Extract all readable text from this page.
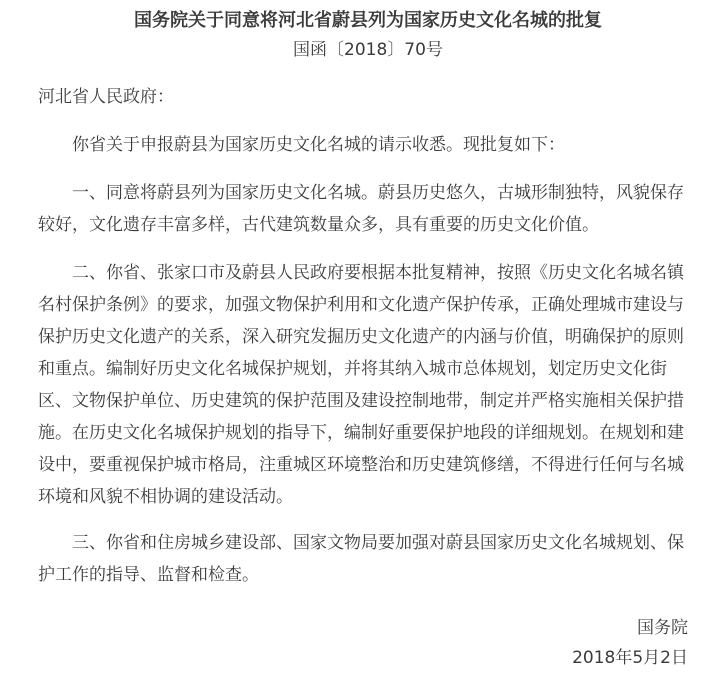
国务院关于同意将河北省蔚县列为国家历史文化名城的批复
国函〔2018〕70号
河北省人民政府：

你省关于申报蔚县为国家历史文化名城的请示收悉。现批复如下：

一、同意将蔚县列为国家历史文化名城。蔚县历史悠久，古城形制独特，风貌保存较好，文化遗存丰富多样，古代建筑数量众多，具有重要的历史文化价值。

二、你省、张家口市及蔚县人民政府要根据本批复精神，按照《历史文化名城名镇名村保护条例》的要求，加强文物保护利用和文化遗产保护传承，正确处理城市建设与保护历史文化遗产的关系，深入研究发掘历史文化遗产的内涵与价值，明确保护的原则和重点。编制好历史文化名城保护规划，并将其纳入城市总体规划，划定历史文化街区、文物保护单位、历史建筑的保护范围及建设控制地带，制定并严格实施相关保护措施。在历史文化名城保护规划的指导下，编制好重要保护地段的详细规划。在规划和建设中，要重视保护城市格局，注重城区环境整治和历史建筑修缮，不得进行任何与名城环境和风貌不相协调的建设活动。

三、你省和住房城乡建设部、国家文物局要加强对蔚县国家历史文化名城规划、保护工作的指导、监督和检查。

国务院
2018年5月2日
